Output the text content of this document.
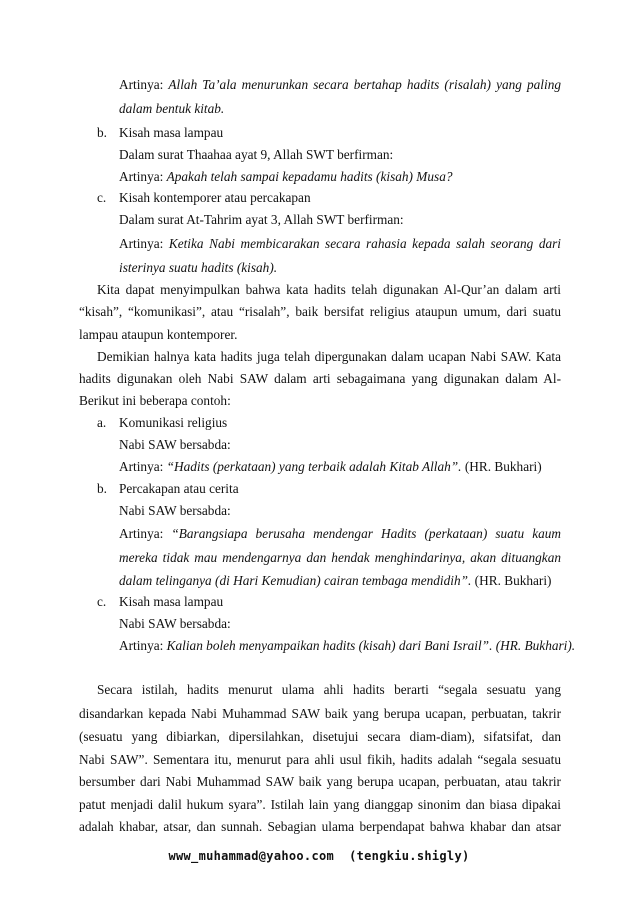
Artinya: Allah Ta’ala menurunkan secara bertahap hadits (risalah) yang paling
dalam bentuk kitab.
b. Kisah masa lampau
Dalam surat Thaahaa ayat 9, Allah SWT berfirman:
Artinya: Apakah telah sampai kepadamu hadits (kisah) Musa?
c. Kisah kontemporer atau percakapan
Dalam surat At-Tahrim ayat 3, Allah SWT berfirman:
Artinya: Ketika Nabi membicarakan secara rahasia kepada salah seorang dari
isterinya suatu hadits (kisah).
Kita dapat menyimpulkan bahwa kata hadits telah digunakan Al-Qur’an dalam arti
“kisah”, “komunikasi”, atau “risalah”, baik bersifat religius ataupun umum, dari suatu
lampau ataupun kontemporer.
Demikian halnya kata hadits juga telah dipergunakan dalam ucapan Nabi SAW. Kata
hadits digunakan oleh Nabi SAW dalam arti sebagaimana yang digunakan dalam Al-
Berikut ini beberapa contoh:
a. Komunikasi religius
Nabi SAW bersabda:
Artinya: “Hadits (perkataan) yang terbaik adalah Kitab Allah”. (HR. Bukhari)
b. Percakapan atau cerita
Nabi SAW bersabda:
Artinya: “Barangsiapa berusaha mendengar Hadits (perkataan) suatu kaum
mereka tidak mau mendengarnya dan hendak menghindarinya, akan dituangkan
dalam telinganya (di Hari Kemudian) cairan tembaga mendidih”. (HR. Bukhari)
c. Kisah masa lampau
Nabi SAW bersabda:
Artinya: Kalian boleh menyampaikan hadits (kisah) dari Bani Israil”. (HR. Bukhari).
Secara istilah, hadits menurut ulama ahli hadits berarti “segala sesuatu yang
disandarkan kepada Nabi Muhammad SAW baik yang berupa ucapan, perbuatan, takrir
(sesuatu yang dibiarkan, dipersilahkan, disetujui secara diam-diam), sifatsifat, dan
Nabi SAW”. Sementara itu, menurut para ahli usul fikih, hadits adalah “segala sesuatu
bersumber dari Nabi Muhammad SAW baik yang berupa ucapan, perbuatan, atau takrir
patut menjadi dalil hukum syara”. Istilah lain yang dianggap sinonim dan biasa dipakai
adalah khabar, atsar, dan sunnah. Sebagian ulama berpendapat bahwa khabar dan atsar
www_muhammad@yahoo.com (tengkiu.shigly)
